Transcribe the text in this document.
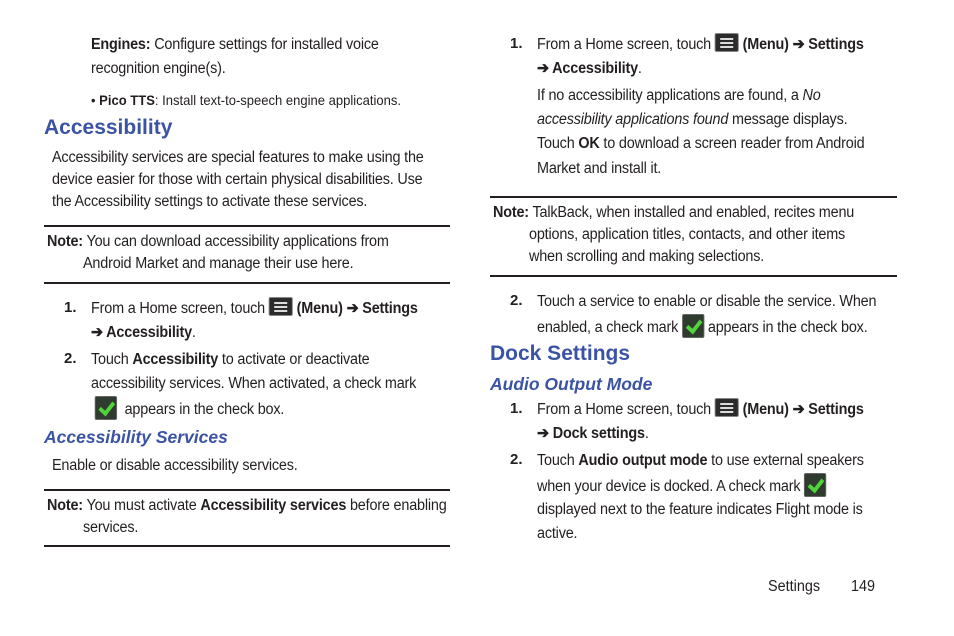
Engines: Configure settings for installed voice
recognition engine(s).
• Pico TTS: Install text-to-speech engine applications.
Accessibility
Accessibility services are special features to make using the
device easier for those with certain physical disabilities. Use
the Accessibility settings to activate these services.
Note: You can download accessibility applications from
Android Market and manage their use here.
1. From a Home screen, touch (Menu) ➔ Settings
➔ Accessibility.
2. Touch Accessibility to activate or deactivate
accessibility services. When activated, a check mark
appears in the check box.
Accessibility Services
Enable or disable accessibility services.
Note: You must activate Accessibility services before enabling
services.
1. From a Home screen, touch (Menu) ➔ Settings
➔ Accessibility.
If no accessibility applications are found, a No
accessibility applications found message displays.
Touch OK to download a screen reader from Android
Market and install it.
Note: TalkBack, when installed and enabled, recites menu
options, application titles, contacts, and other items
when scrolling and making selections.
2. Touch a service to enable or disable the service. When
enabled, a check mark appears in the check box.
Dock Settings
Audio Output Mode
1. From a Home screen, touch (Menu) ➔ Settings
➔ Dock settings.
2. Touch Audio output mode to use external speakers
when your device is docked. A check mark
displayed next to the feature indicates Flight mode is
active.
Settings 149
